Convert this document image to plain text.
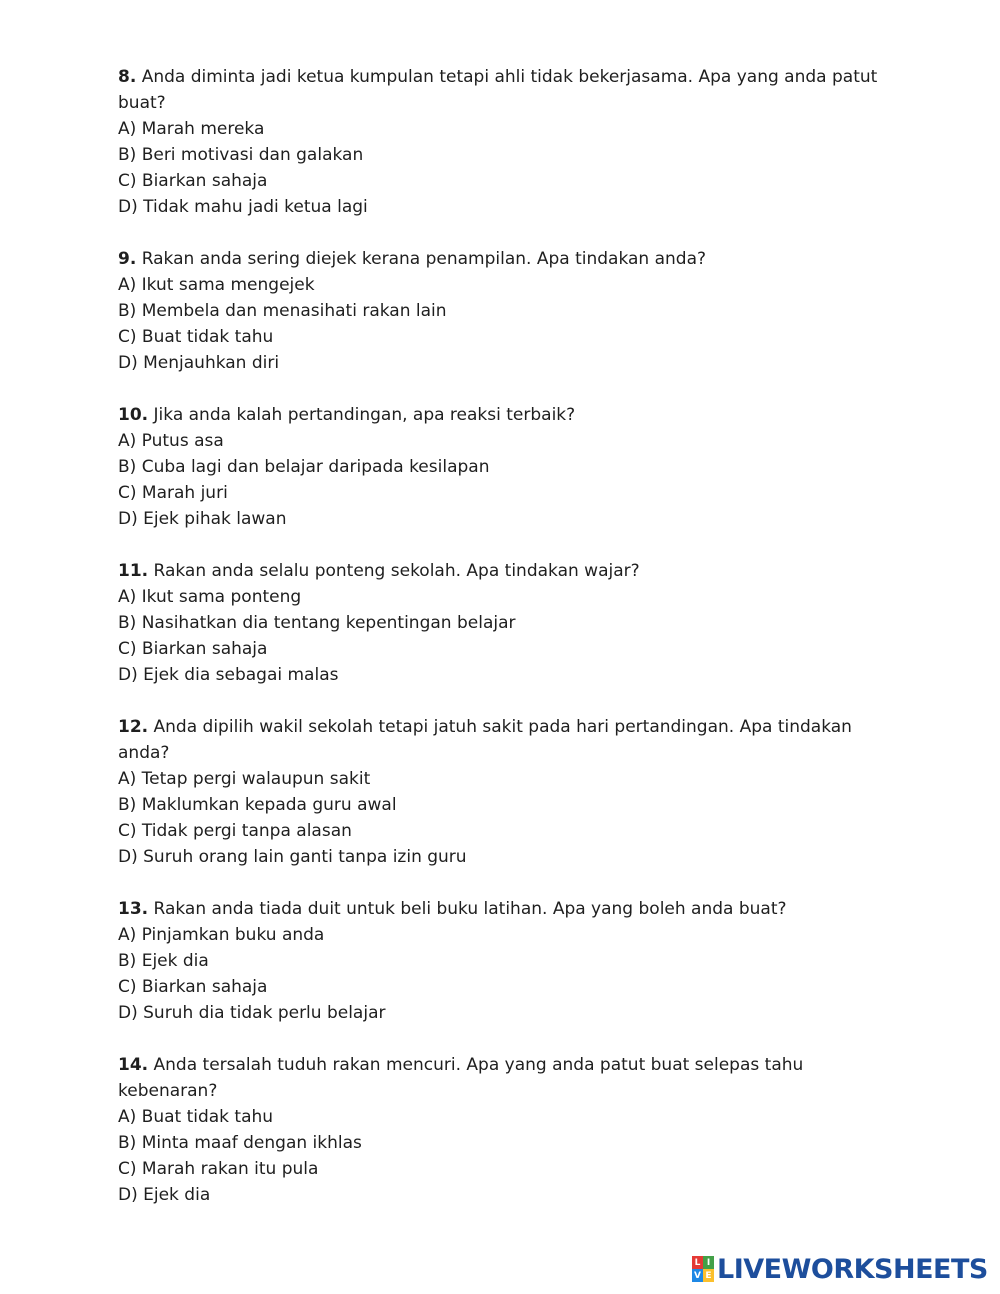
8. Anda diminta jadi ketua kumpulan tetapi ahli tidak bekerjasama. Apa yang anda patut buat?
A) Marah mereka
B) Beri motivasi dan galakan
C) Biarkan sahaja
D) Tidak mahu jadi ketua lagi
9. Rakan anda sering diejek kerana penampilan. Apa tindakan anda?
A) Ikut sama mengejek
B) Membela dan menasihati rakan lain
C) Buat tidak tahu
D) Menjauhkan diri
10. Jika anda kalah pertandingan, apa reaksi terbaik?
A) Putus asa
B) Cuba lagi dan belajar daripada kesilapan
C) Marah juri
D) Ejek pihak lawan
11. Rakan anda selalu ponteng sekolah. Apa tindakan wajar?
A) Ikut sama ponteng
B) Nasihatkan dia tentang kepentingan belajar
C) Biarkan sahaja
D) Ejek dia sebagai malas
12. Anda dipilih wakil sekolah tetapi jatuh sakit pada hari pertandingan. Apa tindakan anda?
A) Tetap pergi walaupun sakit
B) Maklumkan kepada guru awal
C) Tidak pergi tanpa alasan
D) Suruh orang lain ganti tanpa izin guru
13. Rakan anda tiada duit untuk beli buku latihan. Apa yang boleh anda buat?
A) Pinjamkan buku anda
B) Ejek dia
C) Biarkan sahaja
D) Suruh dia tidak perlu belajar
14. Anda tersalah tuduh rakan mencuri. Apa yang anda patut buat selepas tahu kebenaran?
A) Buat tidak tahu
B) Minta maaf dengan ikhlas
C) Marah rakan itu pula
D) Ejek dia
L I
V E LIVEWORKSHEETS
